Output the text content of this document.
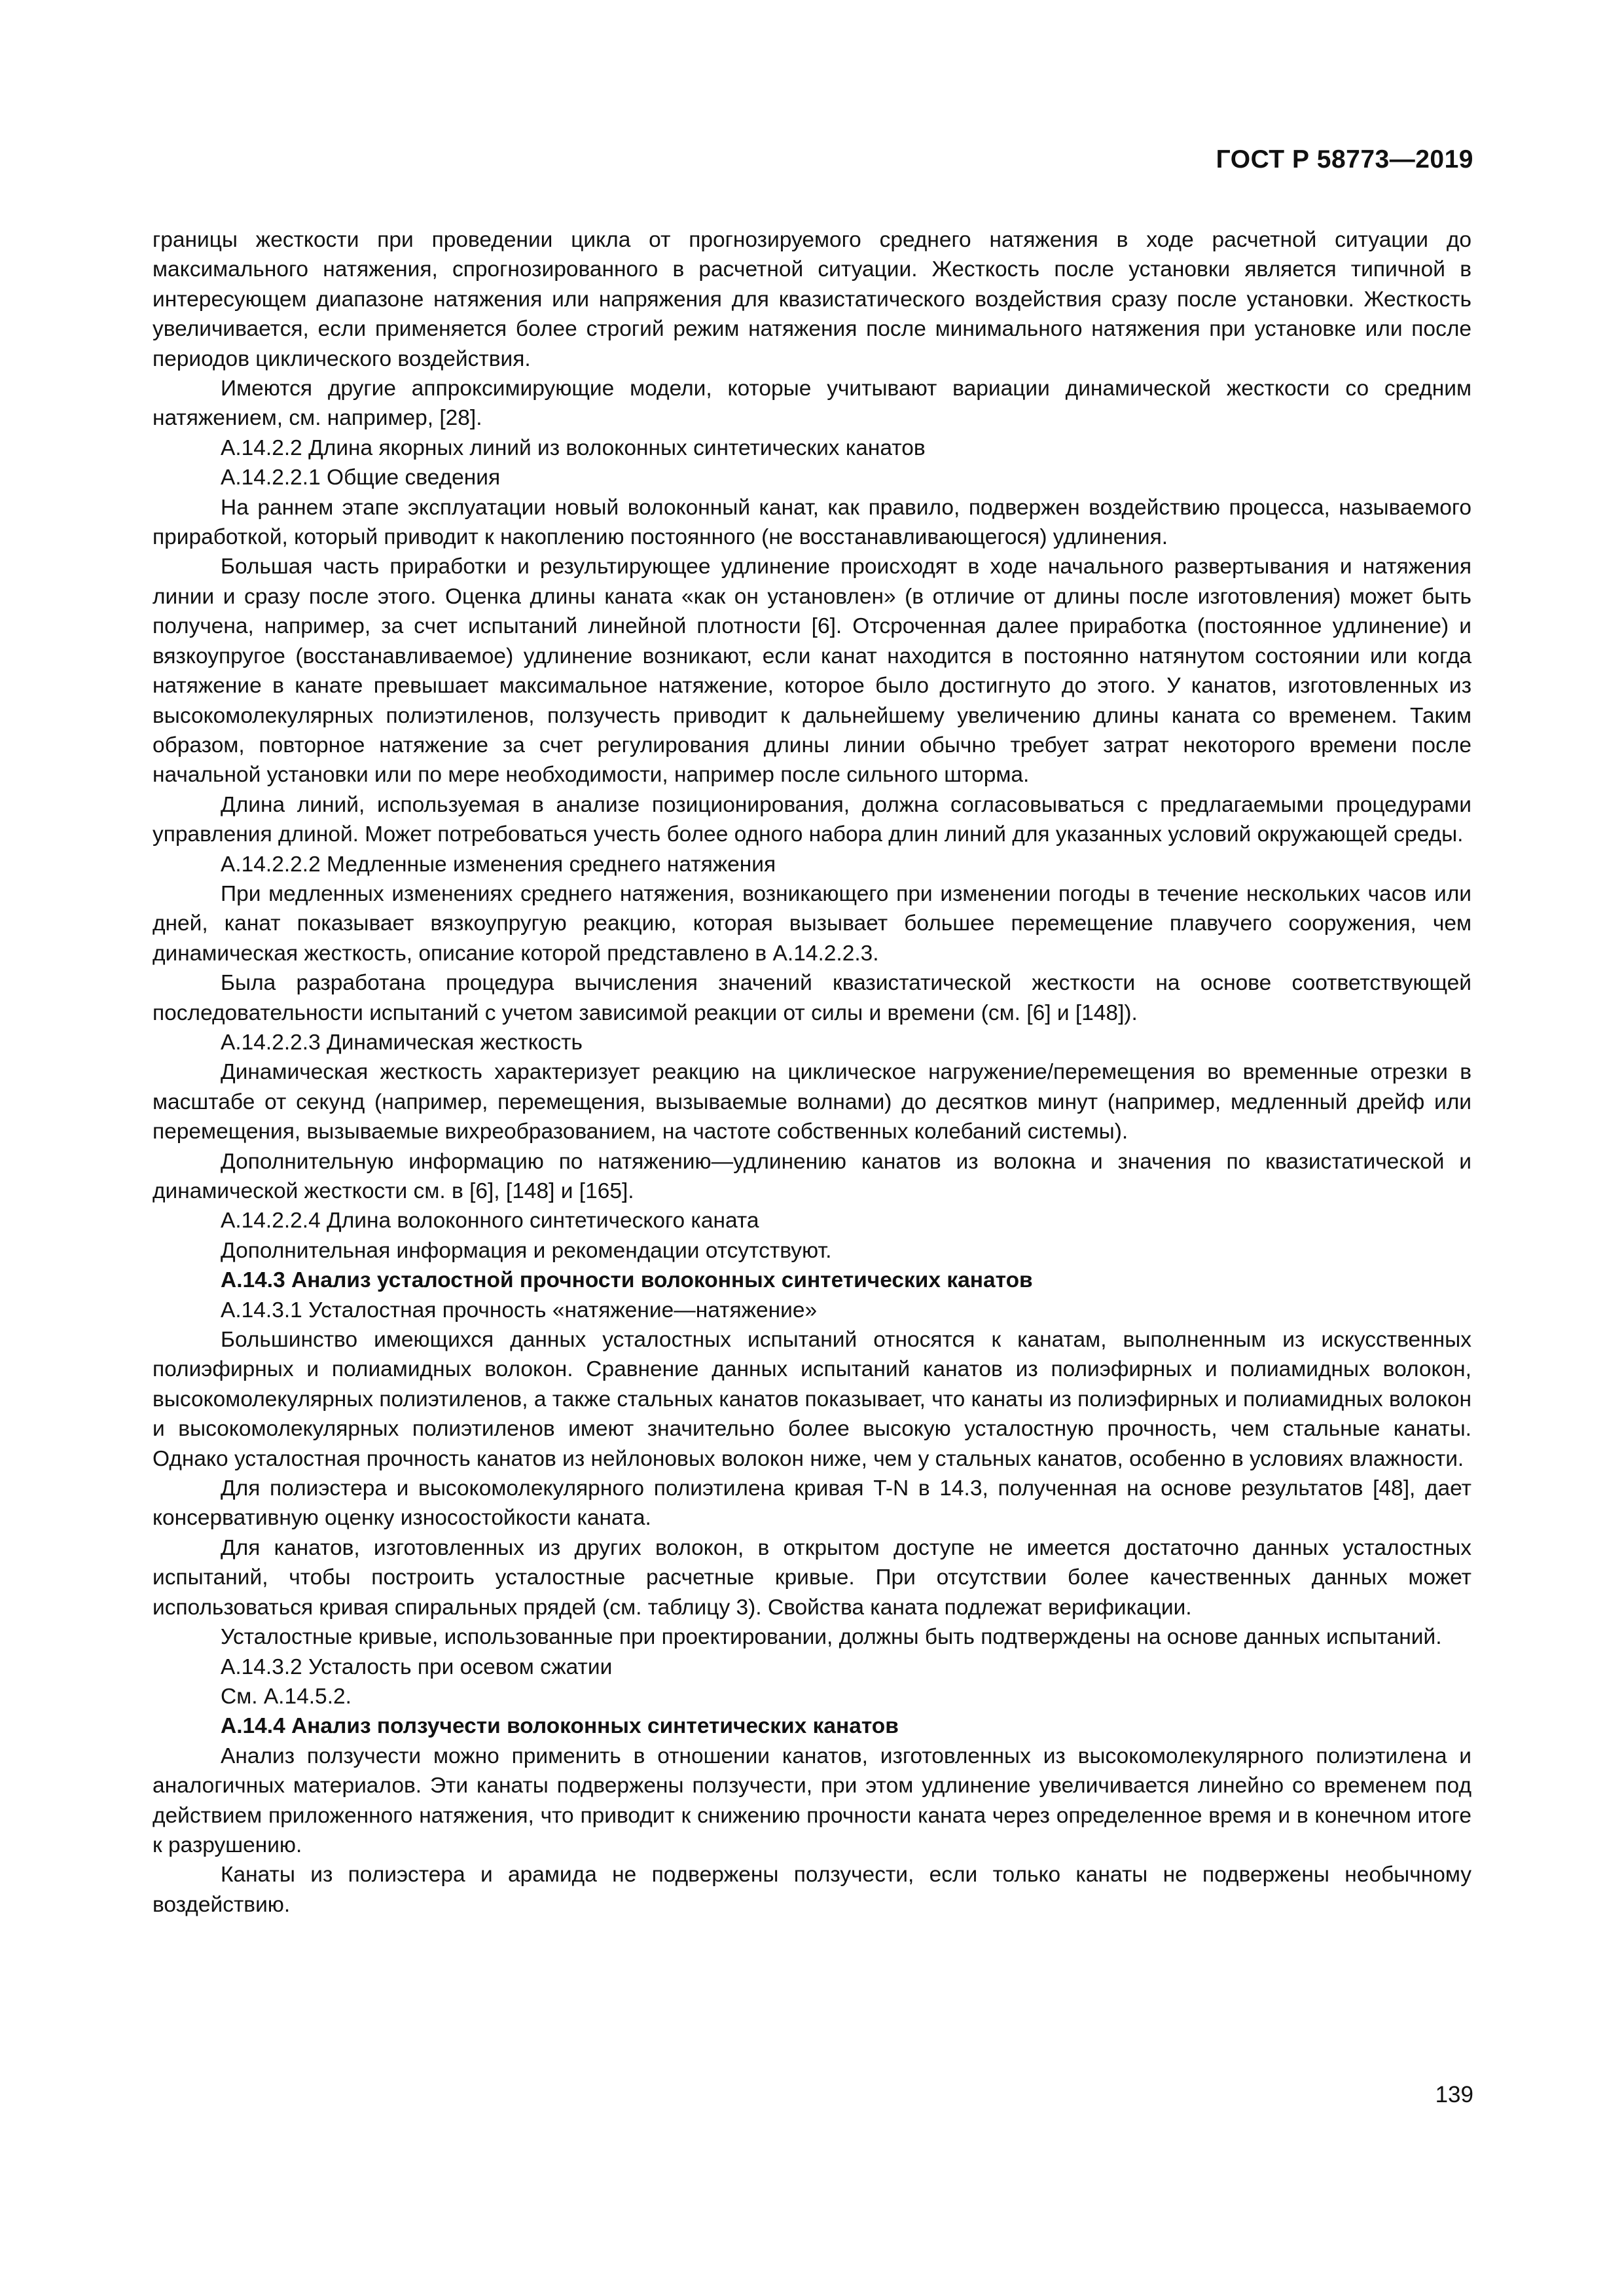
ГОСТ Р 58773—2019

границы жесткости при проведении цикла от прогнозируемого среднего натяжения в ходе расчетной ситуации до максимального натяжения, спрогнозированного в расчетной ситуации. Жесткость после установки является типичной в интересующем диапазоне натяжения или напряжения для квазистатического воздействия сразу после установки. Жесткость увеличивается, если применяется более строгий режим натяжения после минимального натяжения при установке или после периодов циклического воздействия.

Имеются другие аппроксимирующие модели, которые учитывают вариации динамической жесткости со средним натяжением, см. например, [28].

А.14.2.2 Длина якорных линий из волоконных синтетических канатов

А.14.2.2.1 Общие сведения

На раннем этапе эксплуатации новый волоконный канат, как правило, подвержен воздействию процесса, называемого приработкой, который приводит к накоплению постоянного (не восстанавливающегося) удлинения.

Большая часть приработки и результирующее удлинение происходят в ходе начального развертывания и натяжения линии и сразу после этого. Оценка длины каната «как он установлен» (в отличие от длины после изготовления) может быть получена, например, за счет испытаний линейной плотности [6]. Отсроченная далее приработка (постоянное удлинение) и вязкоупругое (восстанавливаемое) удлинение возникают, если канат находится в постоянно натянутом состоянии или когда натяжение в канате превышает максимальное натяжение, которое было достигнуто до этого. У канатов, изготовленных из высокомолекулярных полиэтиленов, ползучесть приводит к дальнейшему увеличению длины каната со временем. Таким образом, повторное натяжение за счет регулирования длины линии обычно требует затрат некоторого времени после начальной установки или по мере необходимости, например после сильного шторма.

Длина линий, используемая в анализе позиционирования, должна согласовываться с предлагаемыми процедурами управления длиной. Может потребоваться учесть более одного набора длин линий для указанных условий окружающей среды.

А.14.2.2.2 Медленные изменения среднего натяжения

При медленных изменениях среднего натяжения, возникающего при изменении погоды в течение нескольких часов или дней, канат показывает вязкоупругую реакцию, которая вызывает большее перемещение плавучего сооружения, чем динамическая жесткость, описание которой представлено в А.14.2.2.3.

Была разработана процедура вычисления значений квазистатической жесткости на основе соответствующей последовательности испытаний с учетом зависимой реакции от силы и времени (см. [6] и [148]).

А.14.2.2.3 Динамическая жесткость

Динамическая жесткость характеризует реакцию на циклическое нагружение/перемещения во временные отрезки в масштабе от секунд (например, перемещения, вызываемые волнами) до десятков минут (например, медленный дрейф или перемещения, вызываемые вихреобразованием, на частоте собственных колебаний системы).

Дополнительную информацию по натяжению—удлинению канатов из волокна и значения по квазистатической и динамической жесткости см. в [6], [148] и [165].

А.14.2.2.4 Длина волоконного синтетического каната

Дополнительная информация и рекомендации отсутствуют.

А.14.3 Анализ усталостной прочности волоконных синтетических канатов

А.14.3.1 Усталостная прочность «натяжение—натяжение»

Большинство имеющихся данных усталостных испытаний относятся к канатам, выполненным из искусственных полиэфирных и полиамидных волокон. Сравнение данных испытаний канатов из полиэфирных и полиамидных волокон, высокомолекулярных полиэтиленов, а также стальных канатов показывает, что канаты из полиэфирных и полиамидных волокон и высокомолекулярных полиэтиленов имеют значительно более высокую усталостную прочность, чем стальные канаты. Однако усталостная прочность канатов из нейлоновых волокон ниже, чем у стальных канатов, особенно в условиях влажности.

Для полиэстера и высокомолекулярного полиэтилена кривая T-N в 14.3, полученная на основе результатов [48], дает консервативную оценку износостойкости каната.

Для канатов, изготовленных из других волокон, в открытом доступе не имеется достаточно данных усталостных испытаний, чтобы построить усталостные расчетные кривые. При отсутствии более качественных данных может использоваться кривая спиральных прядей (см. таблицу 3). Свойства каната подлежат верификации.

Усталостные кривые, использованные при проектировании, должны быть подтверждены на основе данных испытаний.

А.14.3.2 Усталость при осевом сжатии

См. А.14.5.2.

А.14.4 Анализ ползучести волоконных синтетических канатов

Анализ ползучести можно применить в отношении канатов, изготовленных из высокомолекулярного полиэтилена и аналогичных материалов. Эти канаты подвержены ползучести, при этом удлинение увеличивается линейно со временем под действием приложенного натяжения, что приводит к снижению прочности каната через определенное время и в конечном итоге к разрушению.

Канаты из полиэстера и арамида не подвержены ползучести, если только канаты не подвержены необычному воздействию.

139
